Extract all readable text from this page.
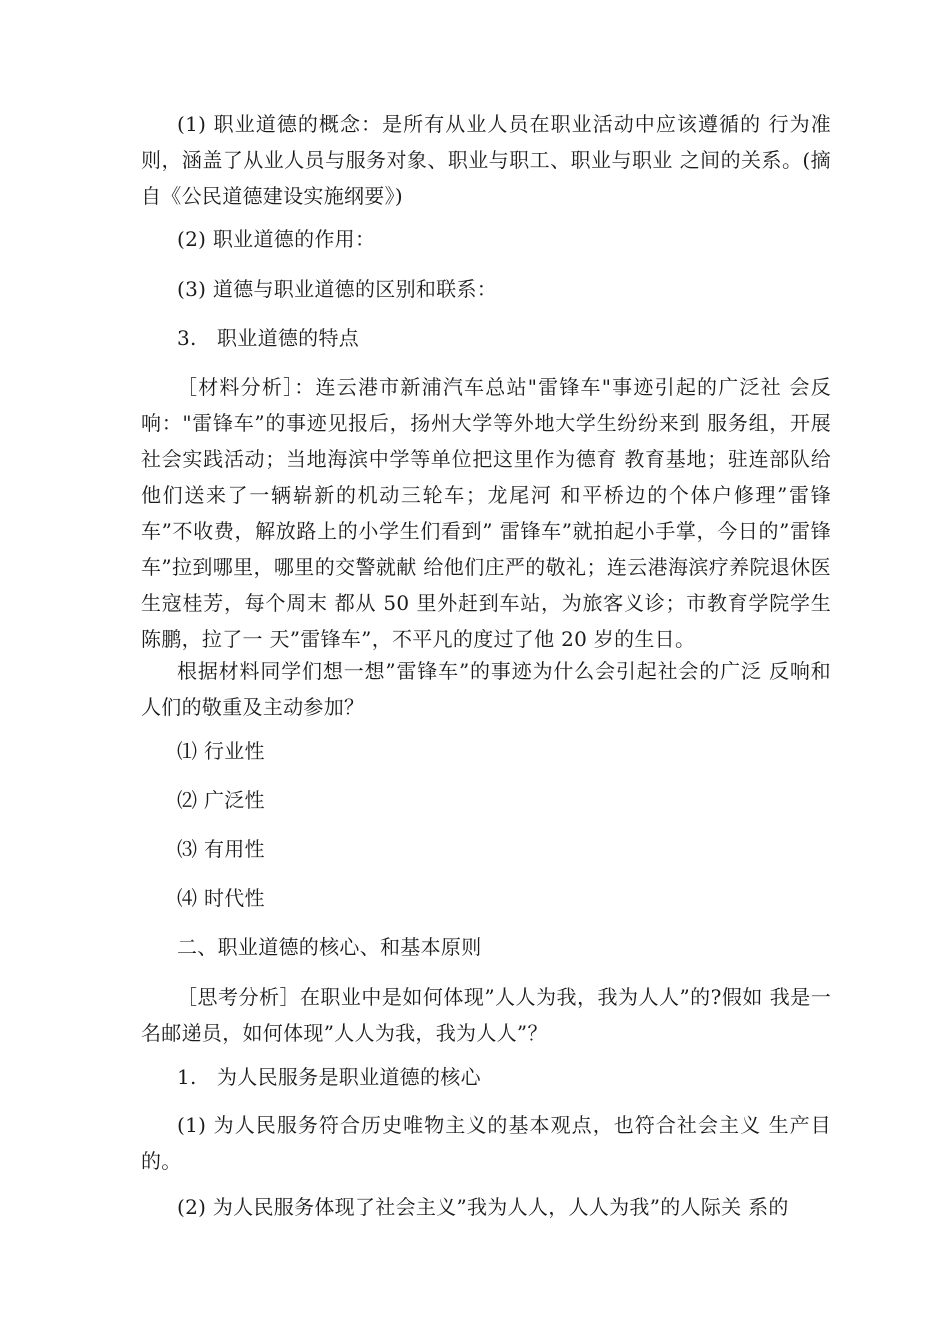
(1) 职业道德的概念：是所有从业人员在职业活动中应该遵循的 行为准则，涵盖了从业人员与服务对象、职业与职工、职业与职业 之间的关系。(摘自《公民道德建设实施纲要》)

(2) 职业道德的作用：

(3) 道德与职业道德的区别和联系：

3.　职业道德的特点

［材料分析］：连云港市新浦汽车总站"雷锋车"事迹引起的广泛社 会反响："雷锋车”的事迹见报后，扬州大学等外地大学生纷纷来到 服务组，开展社会实践活动；当地海滨中学等单位把这里作为德育 教育基地；驻连部队给他们送来了一辆崭新的机动三轮车；龙尾河 和平桥边的个体户修理”雷锋车”不收费，解放路上的小学生们看到” 雷锋车”就拍起小手掌，今日的”雷锋车”拉到哪里，哪里的交警就献 给他们庄严的敬礼；连云港海滨疗养院退休医生寇桂芳，每个周末 都从 50 里外赶到车站，为旅客义诊；市教育学院学生陈鹏，拉了一 天”雷锋车”，不平凡的度过了他 20 岁的生日。

根据材料同学们想一想”雷锋车”的事迹为什么会引起社会的广泛 反响和人们的敬重及主动参加？

⑴ 行业性

⑵ 广泛性

⑶ 有用性

⑷ 时代性

二、职业道德的核心、和基本原则

［思考分析］在职业中是如何体现”人人为我，我为人人”的?假如 我是一名邮递员，如何体现”人人为我，我为人人”？

1.　为人民服务是职业道德的核心

(1) 为人民服务符合历史唯物主义的基本观点，也符合社会主义 生产目的。

(2) 为人民服务体现了社会主义”我为人人，人人为我”的人际关 系的
